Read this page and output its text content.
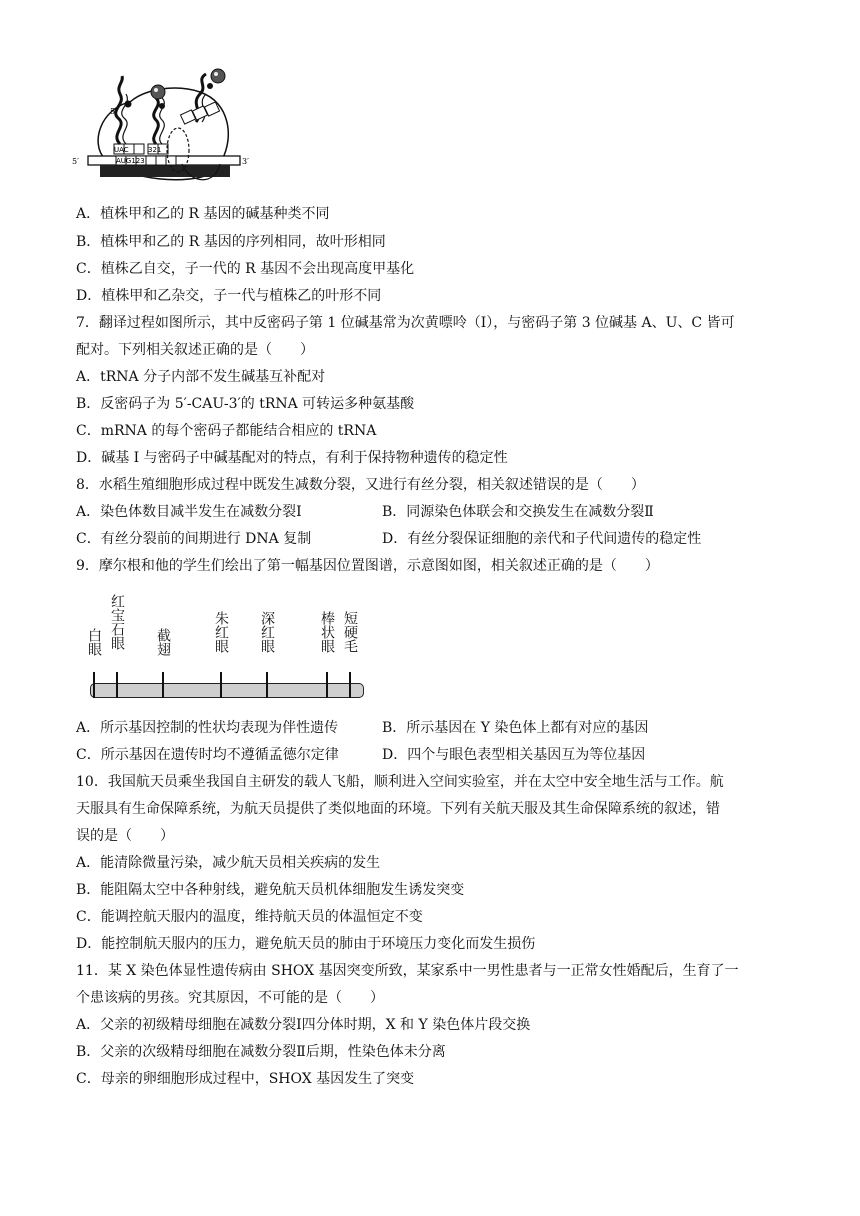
5′	3′
5′
UAC	321
AUG123
A．植株甲和乙的 R 基因的碱基种类不同
B．植株甲和乙的 R 基因的序列相同，故叶形相同
C．植株乙自交，子一代的 R 基因不会出现高度甲基化
D．植株甲和乙杂交，子一代与植株乙的叶形不同
7．翻译过程如图所示，其中反密码子第 1 位碱基常为次黄嘌呤（I），与密码子第 3 位碱基 A、U、C 皆可
配对。下列相关叙述正确的是（　　）
A．tRNA 分子内部不发生碱基互补配对
B．反密码子为 5′-CAU-3′的 tRNA 可转运多种氨基酸
C．mRNA 的每个密码子都能结合相应的 tRNA
D．碱基 I 与密码子中碱基配对的特点，有利于保持物种遗传的稳定性
8．水稻生殖细胞形成过程中既发生减数分裂，又进行有丝分裂，相关叙述错误的是（　　）
A．染色体数目减半发生在减数分裂Ⅰ	B．同源染色体联会和交换发生在减数分裂Ⅱ
C．有丝分裂前的间期进行 DNA 复制	D．有丝分裂保证细胞的亲代和子代间遗传的稳定性
9．摩尔根和他的学生们绘出了第一幅基因位置图谱，示意图如图，相关叙述正确的是（　　）
白眼 红宝石眼 截翅	朱红眼 深红眼	棒状眼 短硬毛
A．所示基因控制的性状均表现为伴性遗传	B．所示基因在 Y 染色体上都有对应的基因
C．所示基因在遗传时均不遵循孟德尔定律	D．四个与眼色表型相关基因互为等位基因
10．我国航天员乘坐我国自主研发的载人飞船，顺利进入空间实验室，并在太空中安全地生活与工作。航
天服具有生命保障系统，为航天员提供了类似地面的环境。下列有关航天服及其生命保障系统的叙述，错
误的是（　　）
A．能清除微量污染，减少航天员相关疾病的发生
B．能阻隔太空中各种射线，避免航天员机体细胞发生诱发突变
C．能调控航天服内的温度，维持航天员的体温恒定不变
D．能控制航天服内的压力，避免航天员的肺由于环境压力变化而发生损伤
11．某 X 染色体显性遗传病由 SHOX 基因突变所致，某家系中一男性患者与一正常女性婚配后，生育了一
个患该病的男孩。究其原因，不可能的是（　　）
A．父亲的初级精母细胞在减数分裂Ⅰ四分体时期，X 和 Y 染色体片段交换
B．父亲的次级精母细胞在减数分裂Ⅱ后期，性染色体未分离
C．母亲的卵细胞形成过程中，SHOX 基因发生了突变
